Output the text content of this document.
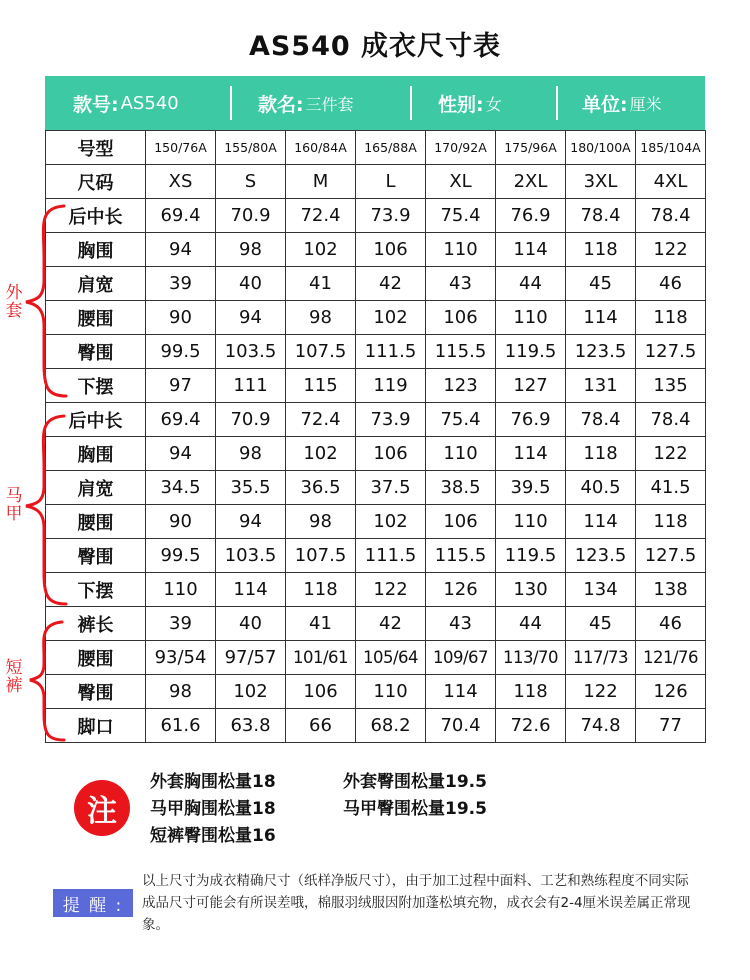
AS540 成衣尺寸表
款号: AS540	款名: 三件套	性别: 女	单位: 厘米
号型	150/76A	155/80A	160/84A	165/88A	170/92A	175/96A	180/100A	185/104A
尺码	XS	S	M	L	XL	2XL	3XL	4XL
后中长	69.4	70.9	72.4	73.9	75.4	76.9	78.4	78.4
胸围	94	98	102	106	110	114	118	122
肩宽	39	40	41	42	43	44	45	46
腰围	90	94	98	102	106	110	114	118
臀围	99.5	103.5	107.5	111.5	115.5	119.5	123.5	127.5
下摆	97	111	115	119	123	127	131	135
后中长	69.4	70.9	72.4	73.9	75.4	76.9	78.4	78.4
胸围	94	98	102	106	110	114	118	122
肩宽	34.5	35.5	36.5	37.5	38.5	39.5	40.5	41.5
腰围	90	94	98	102	106	110	114	118
臀围	99.5	103.5	107.5	111.5	115.5	119.5	123.5	127.5
下摆	110	114	118	122	126	130	134	138
裤长	39	40	41	42	43	44	45	46
腰围	93/54	97/57	101/61	105/64	109/67	113/70	117/73	121/76
臀围	98	102	106	110	114	118	122	126
脚口	61.6	63.8	66	68.2	70.4	72.6	74.8	77
外套
马甲
短裤
注
外套胸围松量18	外套臀围松量19.5
马甲胸围松量18	马甲臀围松量19.5
短裤臀围松量16
提 醒 :
以上尺寸为成衣精确尺寸（纸样净版尺寸），由于加工过程中面料、工艺和熟练程度不同实际成品尺寸可能会有所误差哦，棉服羽绒服因附加蓬松填充物，成衣会有2-4厘米误差属正常现象。
